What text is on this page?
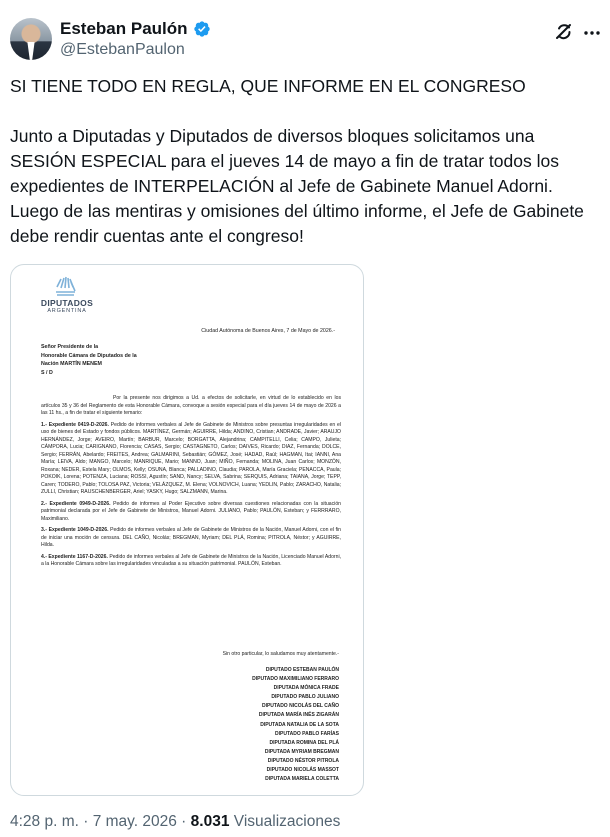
Esteban Paulón
@EstebanPaulon

SI TIENE TODO EN REGLA, QUE INFORME EN EL CONGRESO

Junto a Diputadas y Diputados de diversos bloques solicitamos una SESIÓN ESPECIAL para el jueves 14 de mayo a fin de tratar todos los expedientes de INTERPELACIÓN al Jefe de Gabinete Manuel Adorni. Luego de las mentiras y omisiones del último informe, el Jefe de Gabinete debe rendir cuentas ante el congreso!

DIPUTADOS
ARGENTINA
Ciudad Autónoma de Buenos Aires, 7 de Mayo de 2026.-
Señor Presidente de la
Honorable Cámara de Diputados de la
Nación MARTÍN MENEM
S / D

Por la presente nos dirigimos a Ud. a efectos de solicitarle, en virtud de lo establecido en los artículos 35 y 36 del Reglamento de esta Honorable Cámara, convoque a sesión especial para el día jueves 14 de mayo de 2026 a las 11 hs., a fin de tratar el siguiente temario:

1.- Expediente 0419-D-2026. Pedido de informes verbales al Jefe de Gabinete de Ministros sobre presuntas irregularidades en el uso de bienes del Estado y fondos públicos. MARTÍNEZ, Germán; AGUIRRE, Hilda; ANDINO, Cristian; ANDRADE, Javier; ARAUJO HERNÁNDEZ, Jorge; AVEIRO, Martín; BARBUR, Marcelo; BORGATTA, Alejandrina; CAMPITELLI, Celia; CAMPO, Julieta; CÁMPORA, Lucia; CARIGNANO, Florencia; CASAS, Sergio; CASTAGNETO, Carlos; DAIVES, Ricardo; DIAZ, Fernanda; DOLCE, Sergio; FERRÁN, Abelardo; FREITES, Andrea; GALMARINI, Sebastián; GÓMEZ, José; HADAD, Raúl; HAGMAN, Itai; IANNI, Ana María; LEIVA, Aldo; MANGO, Marcelo; MANRIQUE, Mario; MANNO, Juan; MIÑO, Fernanda; MOLINA, Juan Carlos; MONZÓN, Roxana; NEDER, Estela Mary; OLMOS, Kelly; OSUNA, Blanca; PALLADINO, Claudia; PAROLA, María Graciela; PENACCA, Paula; POKOIK, Lorena; POTENZA, Luciana; ROSSI, Agustín; SAND, Nancy; SELVA, Sabrina; SERQUIS, Adriana; TAIANA, Jorge; TEPP, Caren; TODERO, Pablo; TOLOSA PAZ, Victoria; VELÁZQUEZ, M. Elena; VOLNOVICH, Luana; YEDLIN, Pablo; ZARACHO, Natalia; ZULLI, Christian; RAUSCHENBERGER, Ariel; YASKY, Hugo; SALZMANN, Marina.

2.- Expediente 0949-D-2026. Pedido de informes al Poder Ejecutivo sobre diversas cuestiones relacionadas con la situación patrimonial declarada por el Jefe de Gabinete de Ministros, Manuel Adorni. JULIANO, Pablo; PAULÓN, Esteban; y FERRRARO, Maximiliano.

3.- Expediente 1049-D-2026. Pedido de informes verbales al Jefe de Gabinete de Ministros de la Nación, Manuel Adorni, con el fin de iniciar una moción de censura. DEL CAÑO, Nicolás; BREGMAN, Myriam; DEL PLÁ, Romina; PITROLA, Néstor; y AGUIRRE, Hilda.

4.- Expediente 1167-D-2026. Pedido de informes verbales al Jefe de Gabinete de Ministros de la Nación, Licenciado Manuel Adorni, a la Honorable Cámara sobre las irregularidades vinculadas a su situación patrimonial. PAULÓN, Esteban.

Sin otro particular, lo saludamos muy atentamente.-
DIPUTADO ESTEBAN PAULÓN
DIPUTADO MAXIMILIANO FERRARO
DIPUTADA MÓNICA FRADE
DIPUTADO PABLO JULIANO
DIPUTADO NICOLÁS DEL CAÑO
DIPUTADA MARÍA INÉS ZIGARÁN
DIPUTADA NATALIA DE LA SOTA
DIPUTADO PABLO FARÍAS
DIPUTADA ROMINA DEL PLÁ
DIPUTADA MYRIAM BREGMAN
DIPUTADO NÉSTOR PITROLA
DIPUTADO NICOLÁS MASSOT
DIPUTADA MARIELA COLETTA
4:28 p. m. · 7 may. 2026 · 8.031 Visualizaciones
